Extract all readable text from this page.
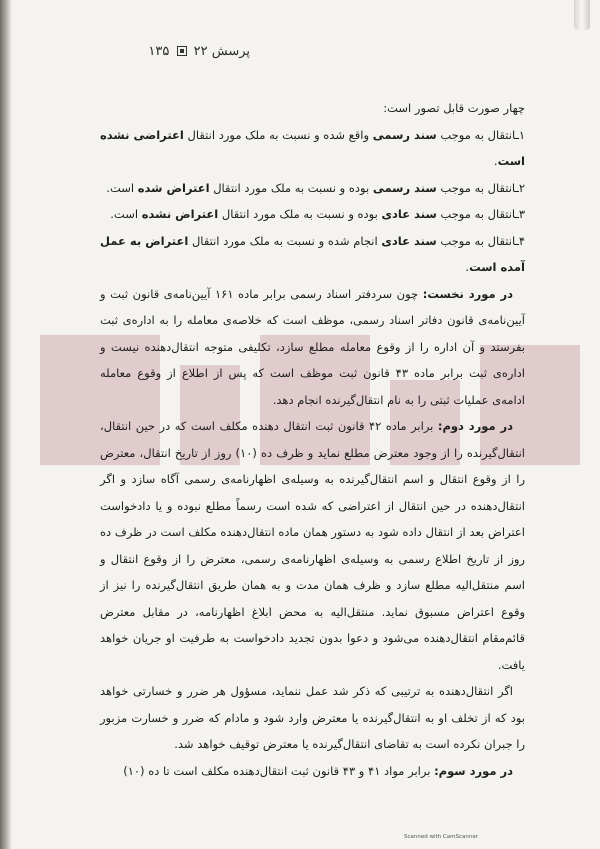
پرسش ۲۲  ۱۳۵

چهار صورت قابل تصور است:

۱ـانتقال به موجب سند رسمی واقع شده و نسبت به ملک مورد انتقال اعتراضی نشده است.

۲ـانتقال به موجب سند رسمی بوده و نسبت به ملک مورد انتقال اعتراض شده است.

۳ـانتقال به موجب سند عادی بوده و نسبت به ملک مورد انتقال اعتراض نشده است.

۴ـانتقال به موجب سند عادی انجام شده و نسبت به ملک مورد انتقال اعتراض به عمل آمده است.

در مورد نخست: چون سردفتر اسناد رسمی برابر ماده ۱۶۱ آیین‌نامه‌ی قانون ثبت و آیین‌نامه‌ی قانون دفاتر اسناد رسمی، موظف است که خلاصه‌ی معامله را به اداره‌ی ثبت بفرستد و آن اداره را از وقوع معامله مطلع سازد، تکلیفی متوجه انتقال‌دهنده نیست و اداره‌ی ثبت برابر ماده ۴۳ قانون ثبت موظف است که پس از اطلاع از وقوع معامله ادامه‌ی عملیات ثبتی را به نام انتقال‌گیرنده انجام دهد.

در مورد دوم: برابر ماده ۴۲ قانون ثبت انتقال دهنده مکلف است که در حین انتقال، انتقال‌گیرنده را از وجود معترض مطلع نماید و ظرف ده (۱۰) روز از تاریخ انتقال، معترض را از وقوع انتقال و اسم انتقال‌گیرنده به وسیله‌ی اظهارنامه‌ی رسمی آگاه سازد و اگر انتقال‌دهنده در حین انتقال از اعتراضی که شده است رسماً مطلع نبوده و یا دادخواست اعتراض بعد از انتقال داده شود به دستور همان ماده انتقال‌دهنده مکلف است در ظرف ده روز از تاریخ اطلاع رسمی به وسیله‌ی اظهارنامه‌ی رسمی، معترض را از وقوع انتقال و اسم منتقل‌الیه مطلع سازد و ظرف همان مدت و به همان طریق انتقال‌گیرنده را نیز از وقوع اعتراض مسبوق نماید. منتقل‌الیه به محض ابلاغ اظهارنامه، در مقابل معترض قائم‌مقام انتقال‌دهنده می‌شود و دعوا بدون تجدید دادخواست به طرفیت او جریان خواهد یافت.

اگر انتقال‌دهنده به ترتیبی که ذکر شد عمل ننماید، مسؤول هر ضرر و خسارتی خواهد بود که از تخلف او به انتقال‌گیرنده یا معترض وارد شود و مادام که ضرر و خسارت مزبور را جبران نکرده است به تقاضای انتقال‌گیرنده یا معترض توقیف خواهد شد.

در مورد سوم: برابر مواد ۴۱ و ۴۳ قانون ثبت انتقال‌دهنده مکلف است تا ده (۱۰)

Scanned with CamScanner
